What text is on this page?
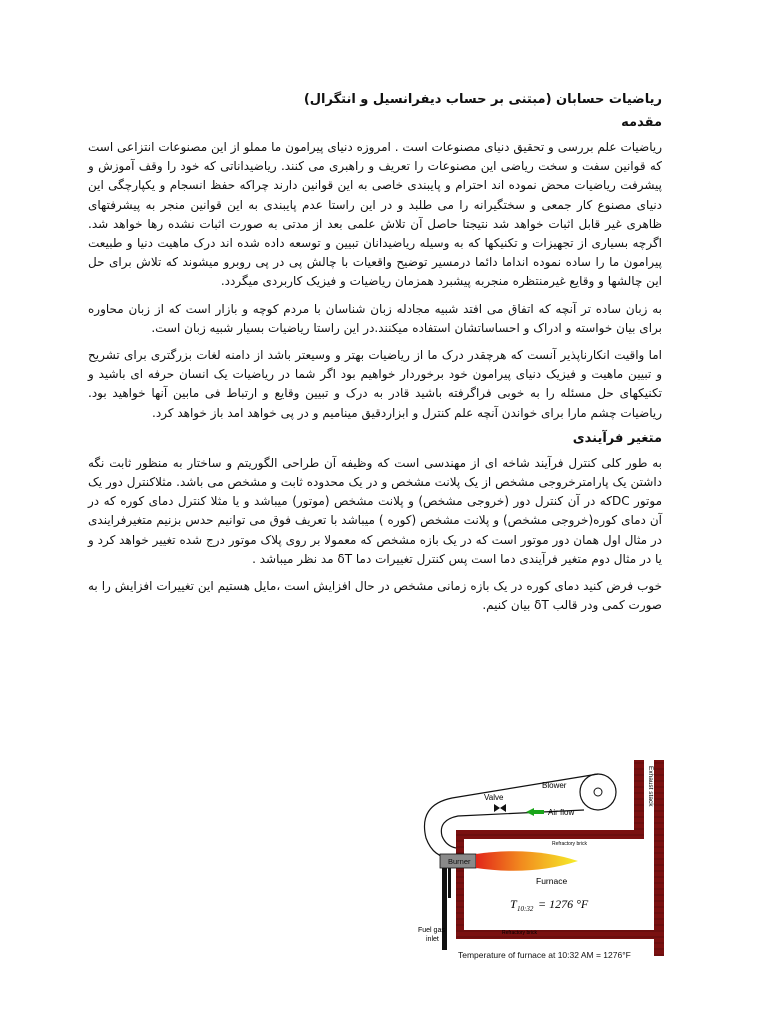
ریاضیات حسابان (مبتنی بر حساب دیفرانسیل و انتگرال)
مقدمه

ریاضیات علم بررسی و تحقیق دنیای مصنوعات است . امروزه دنیای پیرامون ما مملو از این مصنوعات انتزاعی است که قوانین سفت و سخت ریاضی این مصنوعات را تعریف و راهبری می کنند. ریاضیداناتی که خود را وقف آموزش و پیشرفت ریاضیات محض نموده اند احترام و پایبندی خاصی به این قوانین دارند چراکه حفظ انسجام و یکپارچگی این دنیای مصنوع کار جمعی و سختگیرانه را می طلبد و در این راستا عدم پایبندی به این قوانین منجر به پیشرفتهای ظاهری غیر قابل اثبات خواهد شد نتیجتا حاصل آن تلاش علمی بعد از مدتی به صورت اثبات نشده رها خواهد شد. اگرچه بسیاری از تجهیزات و تکنیکها که به وسیله ریاضیدانان تبیین و توسعه داده شده اند درک ماهیت دنیا و طبیعت پیرامون ما را ساده نموده انداما دائما درمسیر توضیح واقعیات با چالش پی در پی روبرو میشوند که تلاش برای حل این چالشها و وقایع غیرمنتظره منجربه پیشبرد همزمان ریاضیات و فیزیک کاربردی میگردد.

به زبان ساده تر آنچه که اتفاق می افتد شبیه مجادله زبان شناسان با مردم کوچه و بازار است که از زبان محاوره برای بیان خواسته و ادراک و احساساتشان استفاده میکنند.در این راستا ریاضیات بسیار شبیه زبان است.

اما واقیت انکارناپذیر آنست که هرچقدر درک ما از ریاضیات بهتر و وسیعتر باشد از دامنه لغات بزرگتری برای تشریح و تبیین ماهیت و فیزیک دنیای پیرامون خود برخوردار خواهیم بود اگر شما در ریاضیات یک انسان حرفه ای باشید و تکنیکهای حل مسئله را به خوبی فراگرفته باشید قادر به درک و تبیین وقایع و ارتباط فی مابین آنها خواهید بود. ریاضیات چشم مارا برای خواندن آنچه علم کنترل و ابزاردقیق مینامیم و در پی خواهد امد باز خواهد کرد.

متغیر فرآیندی

به طور کلی کنترل فرآیند شاخه ای از مهندسی است که وظیفه آن طراحی الگوریتم و ساختار به منظور ثابت نگه داشتن یک پارامترخروجی مشخص از یک پلانت مشخص و در یک محدوده ثابت و مشخص می باشد. مثلاکنترل دور یک موتور DCکه در آن کنترل دور (خروجی مشخص) و پلانت مشخص (موتور) میباشد و یا مثلا کنترل دمای کوره که در آن دمای کوره(خروجی مشخص) و پلانت مشخص (کوره ) میباشد با تعریف فوق می توانیم حدس بزنیم متغیرفرایندی در مثال اول همان دور موتور است که در یک بازه مشخص که معمولا بر روی پلاک موتور درج شده تغییر خواهد کرد و یا در مثال دوم متغیر فرآیندی دما است پس کنترل تغییرات دما δT مد نظر میباشد .

خوب فرض کنید دمای کوره در یک بازه زمانی مشخص در حال افزایش است ،مایل هستیم این تغییرات افزایش را به صورت کمی ودر قالب δT بیان کنیم.

Exhaust stack
Refractory brick
Refractory brick
Blower
Valve
Air flow
Burner
Furnace
T 10:32 = 1276 °F
Fuel gas
inlet
Temperature of furnace at 10:32 AM = 1276°F
